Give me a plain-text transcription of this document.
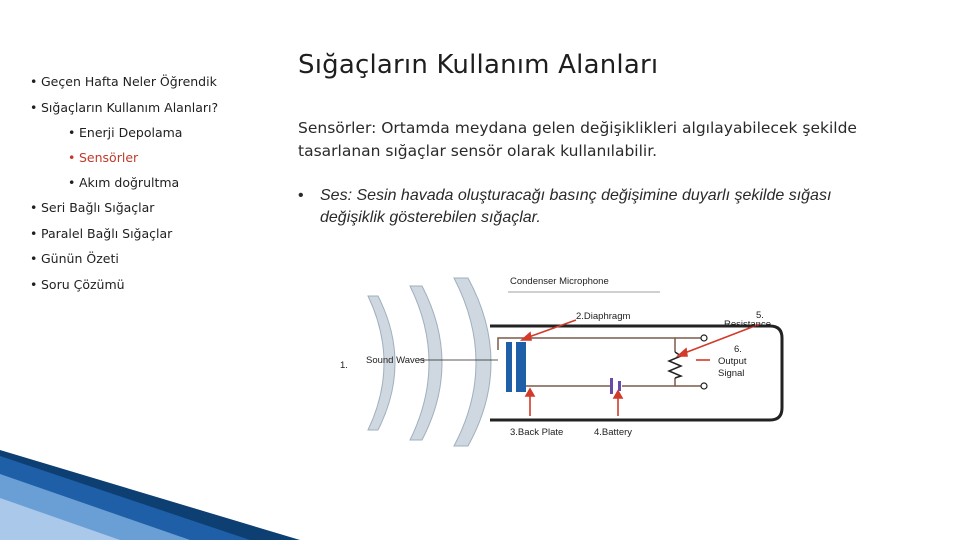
• Geçen Hafta Neler Öğrendik
• Sığaçların Kullanım Alanları?
• Enerji Depolama
• Sensörler
• Akım doğrultma
• Seri Bağlı Sığaçlar
• Paralel Bağlı Sığaçlar
• Günün Özeti
• Soru Çözümü
Sığaçların Kullanım Alanları
Sensörler: Ortamda meydana gelen değişiklikleri algılayabilecek şekilde tasarlanan sığaçlar sensör olarak kullanılabilir.
• Ses: Sesin havada oluşturacağı basınç değişimine duyarlı şekilde sığası değişiklik gösterebilen sığaçlar.
1. Sound Waves
Condenser Microphone
2.Diaphragm
3.Back Plate	4.Battery
5.
Resistance
6.
Output
Signal
